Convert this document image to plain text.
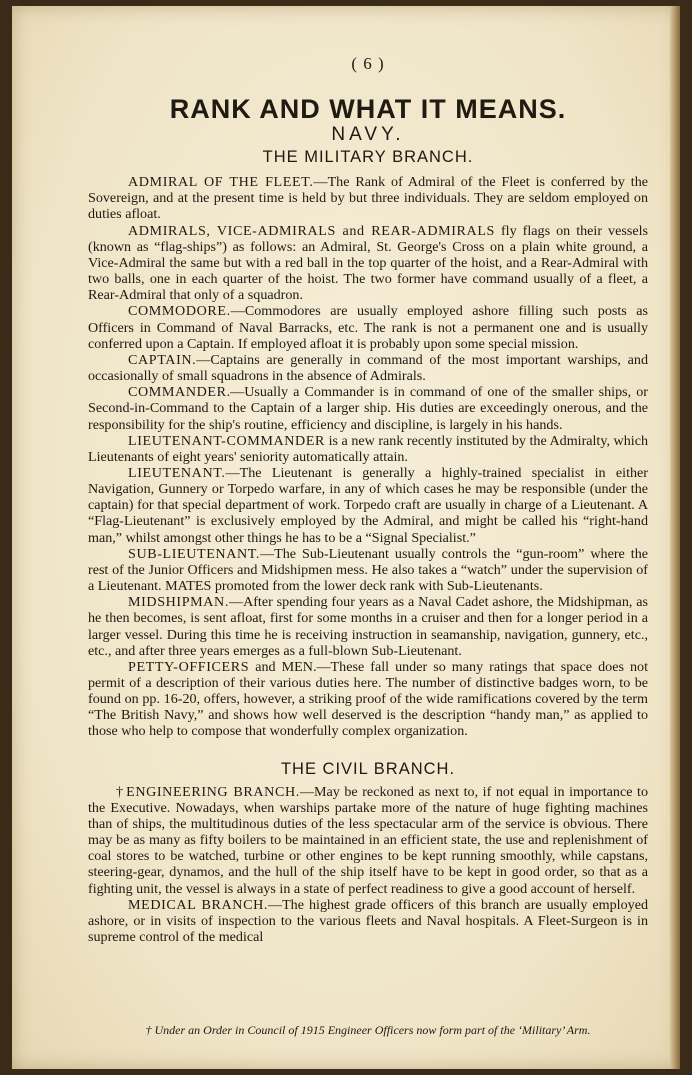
( 6 )
RANK AND WHAT IT MEANS.
NAVY.
THE MILITARY BRANCH.

ADMIRAL OF THE FLEET.—The Rank of Admiral of the Fleet is conferred by the Sovereign, and at the present time is held by but three individuals. They are seldom employed on duties afloat.

ADMIRALS, VICE-ADMIRALS and REAR-ADMIRALS fly flags on their vessels (known as “flag-ships”) as follows: an Admiral, St. George's Cross on a plain white ground, a Vice-Admiral the same but with a red ball in the top quarter of the hoist, and a Rear-Admiral with two balls, one in each quarter of the hoist. The two former have command usually of a fleet, a Rear-Admiral that only of a squadron.

COMMODORE.—Commodores are usually employed ashore filling such posts as Officers in Command of Naval Barracks, etc. The rank is not a permanent one and is usually conferred upon a Captain. If employed afloat it is probably upon some special mission.

CAPTAIN.—Captains are generally in command of the most important warships, and occasionally of small squadrons in the absence of Admirals.

COMMANDER.—Usually a Commander is in command of one of the smaller ships, or Second-in-Command to the Captain of a larger ship. His duties are exceedingly onerous, and the responsibility for the ship's routine, efficiency and discipline, is largely in his hands.

LIEUTENANT-COMMANDER is a new rank recently instituted by the Admiralty, which Lieutenants of eight years' seniority automatically attain.

LIEUTENANT.—The Lieutenant is generally a highly-trained specialist in either Navigation, Gunnery or Torpedo warfare, in any of which cases he may be responsible (under the captain) for that special department of work. Torpedo craft are usually in charge of a Lieutenant. A “Flag-Lieutenant” is exclusively employed by the Admiral, and might be called his “right-hand man,” whilst amongst other things he has to be a “Signal Specialist.”

SUB-LIEUTENANT.—The Sub-Lieutenant usually controls the “gun-room” where the rest of the Junior Officers and Midshipmen mess. He also takes a “watch” under the supervision of a Lieutenant. MATES promoted from the lower deck rank with Sub-Lieutenants.

MIDSHIPMAN.—After spending four years as a Naval Cadet ashore, the Midshipman, as he then becomes, is sent afloat, first for some months in a cruiser and then for a longer period in a larger vessel. During this time he is receiving instruction in seamanship, navigation, gunnery, etc., etc., and after three years emerges as a full-blown Sub-Lieutenant.

PETTY-OFFICERS and MEN.—These fall under so many ratings that space does not permit of a description of their various duties here. The number of distinctive badges worn, to be found on pp. 16-20, offers, however, a striking proof of the wide ramifications covered by the term “The British Navy,” and shows how well deserved is the description “handy man,” as applied to those who help to compose that wonderfully complex organization.

THE CIVIL BRANCH.

† ENGINEERING BRANCH.—May be reckoned as next to, if not equal in importance to the Executive. Nowadays, when warships partake more of the nature of huge fighting machines than of ships, the multitudinous duties of the less spectacular arm of the service is obvious. There may be as many as fifty boilers to be maintained in an efficient state, the use and replenishment of coal stores to be watched, turbine or other engines to be kept running smoothly, while capstans, steering-gear, dynamos, and the hull of the ship itself have to be kept in good order, so that as a fighting unit, the vessel is always in a state of perfect readiness to give a good account of herself.

MEDICAL BRANCH.—The highest grade officers of this branch are usually employed ashore, or in visits of inspection to the various fleets and Naval hospitals. A Fleet-Surgeon is in supreme control of the medical

† Under an Order in Council of 1915 Engineer Officers now form part of the ‘Military’ Arm.
